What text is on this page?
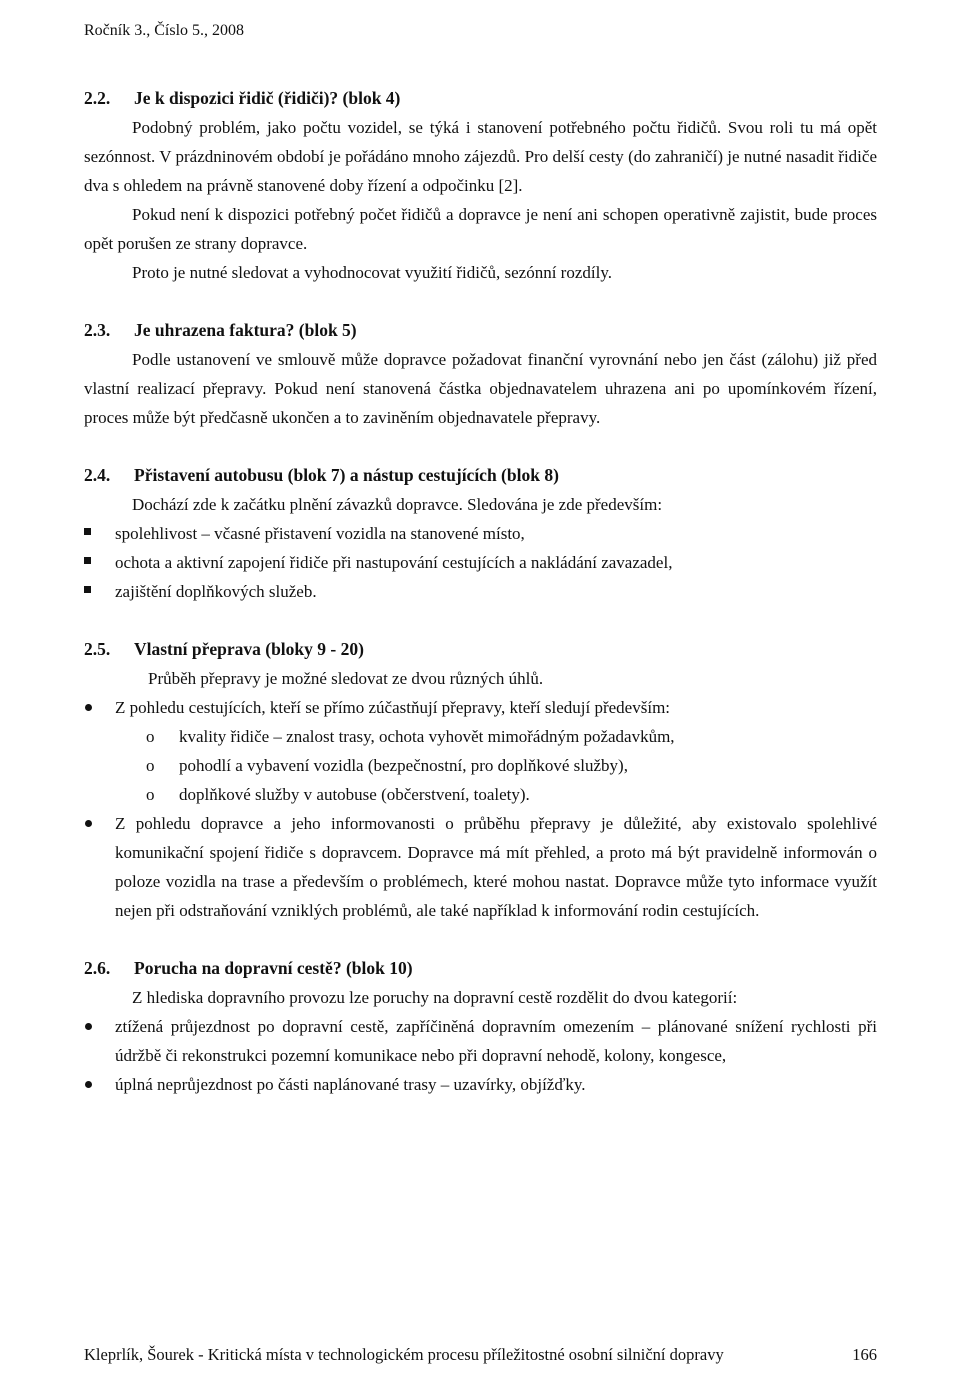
Ročník 3., Číslo 5., 2008
2.2. Je k dispozici řidič (řidiči)? (blok 4)

Podobný problém, jako počtu vozidel, se týká i stanovení potřebného počtu řidičů. Svou roli tu má opět sezónnost. V prázdninovém období je pořádáno mnoho zájezdů. Pro delší cesty (do zahraničí) je nutné nasadit řidiče dva s ohledem na právně stanovené doby řízení a odpočinku [2].

Pokud není k dispozici potřebný počet řidičů a dopravce je není ani schopen operativně zajistit, bude proces opět porušen ze strany dopravce.

Proto je nutné sledovat a vyhodnocovat využití řidičů, sezónní rozdíly.

2.3. Je uhrazena faktura? (blok 5)

Podle ustanovení ve smlouvě může dopravce požadovat finanční vyrovnání nebo jen část (zálohu) již před vlastní realizací přepravy. Pokud není stanovená částka objednavatelem uhrazena ani po upomínkovém řízení, proces může být předčasně ukončen a to zaviněním objednavatele přepravy.

2.4. Přistavení autobusu (blok 7) a nástup cestujících (blok 8)

Dochází zde k začátku plnění závazků dopravce. Sledována je zde především:

spolehlivost – včasné přistavení vozidla na stanovené místo,
ochota a aktivní zapojení řidiče při nastupování cestujících a nakládání zavazadel,
zajištění doplňkových služeb.
2.5. Vlastní přeprava (bloky 9 - 20)

Průběh přepravy je možné sledovat ze dvou různých úhlů.

Z pohledu cestujících, kteří se přímo zúčastňují přepravy, kteří sledují především:
o kvality řidiče – znalost trasy, ochota vyhovět mimořádným požadavkům,
o pohodlí a vybavení vozidla (bezpečnostní, pro doplňkové služby),
o doplňkové služby v autobuse (občerstvení, toalety).
Z pohledu dopravce a jeho informovanosti o průběhu přepravy je důležité, aby existovalo spolehlivé komunikační spojení řidiče s dopravcem. Dopravce má mít přehled, a proto má být pravidelně informován o poloze vozidla na trase a především o problémech, které mohou nastat. Dopravce může tyto informace využít nejen při odstraňování vzniklých problémů, ale také například k informování rodin cestujících.
2.6. Porucha na dopravní cestě? (blok 10)

Z hlediska dopravního provozu lze poruchy na dopravní cestě rozdělit do dvou kategorií:

ztížená průjezdnost po dopravní cestě, zapříčiněná dopravním omezením – plánované snížení rychlosti při údržbě či rekonstrukci pozemní komunikace nebo při dopravní nehodě, kolony, kongesce,
úplná neprůjezdnost po části naplánované trasy – uzavírky, objížďky.
Kleprlík, Šourek - Kritická místa v technologickém procesu příležitostné osobní silniční dopravy	166
